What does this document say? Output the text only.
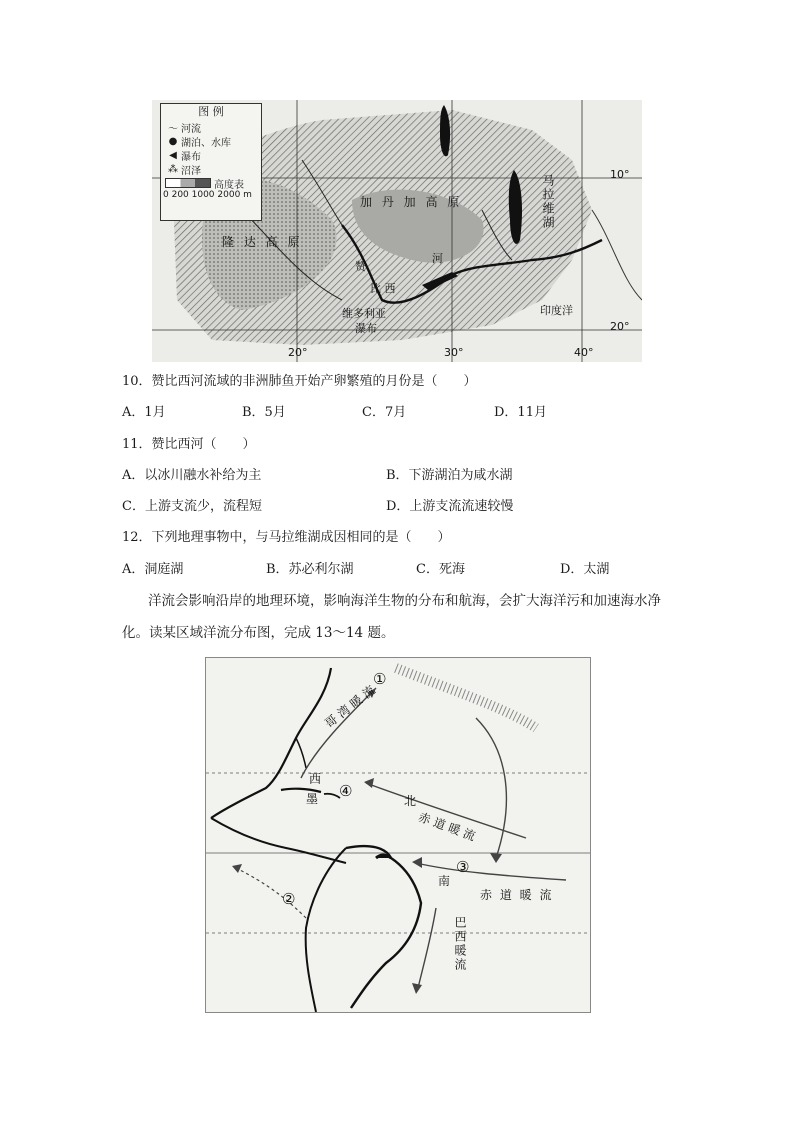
加 丹 加 高 原
隆 达 高 原
马拉维湖
赞
比 西
河
维多利亚
瀑布
印度洋
10°
20°
20°	30°	40°
图 例
～ 河流
● 湖泊、水库
◀ 瀑布
⁂ 沼泽
高度表
0 200 1000 2000 m
10．赞比西河流域的非洲肺鱼开始产卵繁殖的月份是（　　）
A．1月	B．5月	C．7月	D．11月
11．赞比西河（　　）
A．以冰川融水补给为主	B．下游湖泊为咸水湖
C．上游支流少，流程短	D．上游支流流速较慢
12．下列地理事物中，与马拉维湖成因相同的是（　　）
A．洞庭湖	B．苏必利尔湖	C．死海	D．太湖
洋流会影响沿岸的地理环境，影响海洋生物的分布和航海，会扩大海洋污和加速海水净
化。读某区域洋流分布图，完成 13～14 题。
①
②
③
④
墨
西
哥 湾 暖 流
北
赤 道 暖 流
南
赤 道 暖 流
巴西暖流
